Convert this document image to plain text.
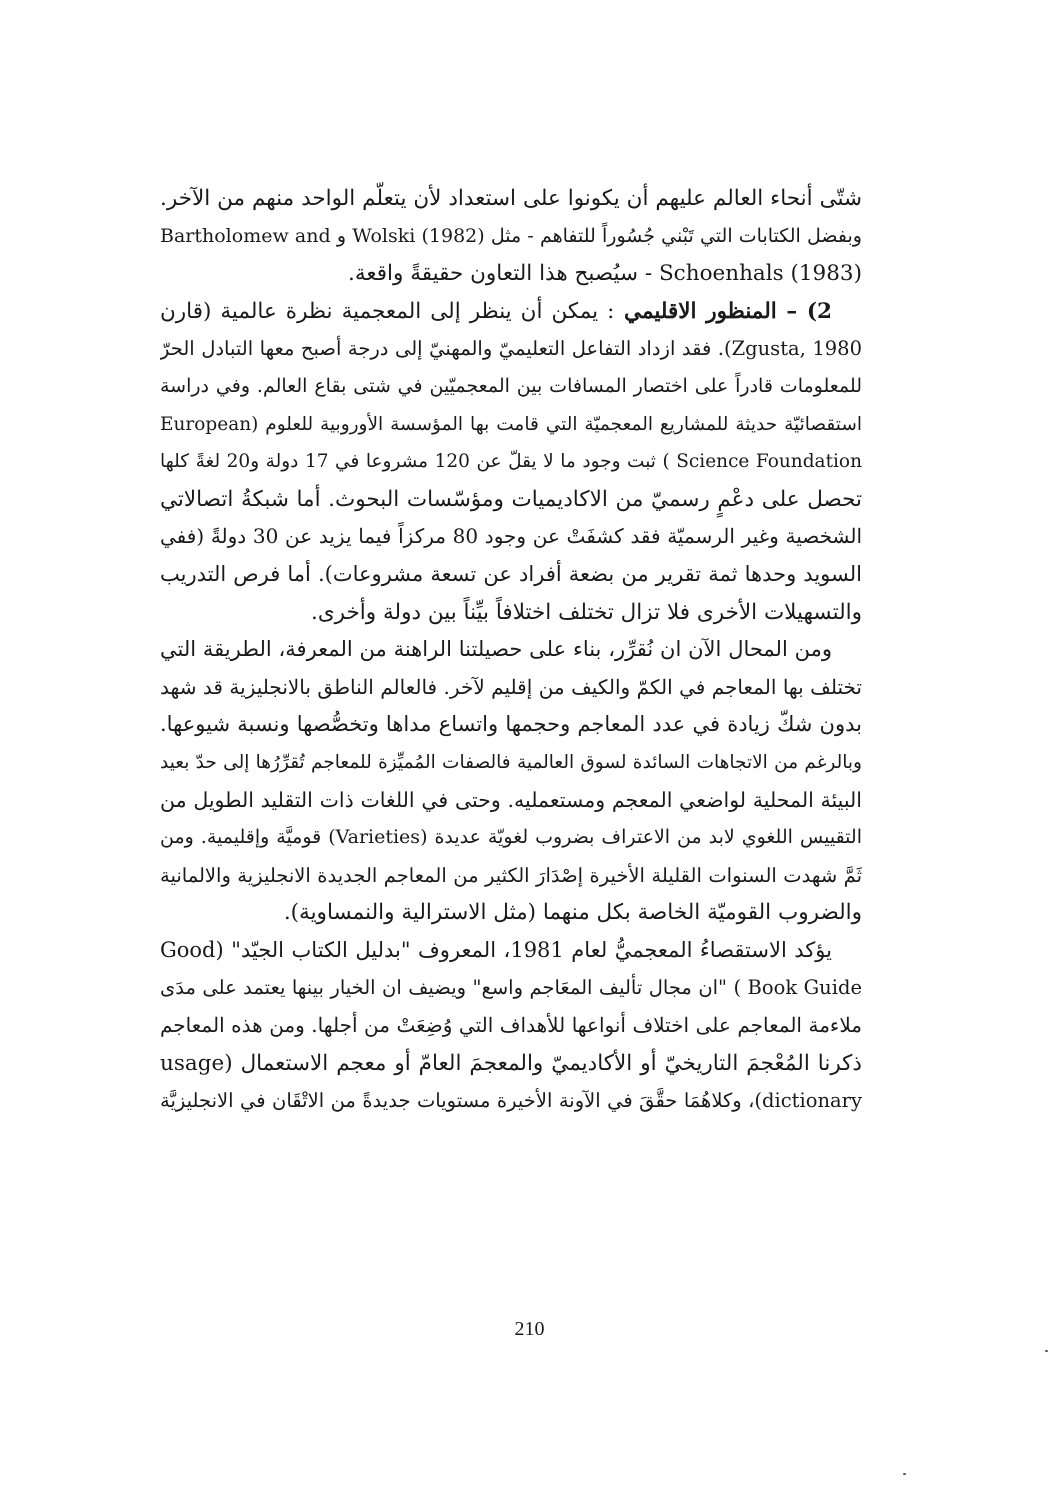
شتّى أنحاء العالم عليهم أن يكونوا على استعداد لأن يتعلّم الواحد منهم من الآخر.
وبفضل الكتابات التي تَبْني جُسُوراً للتفاهم - مثل Wolski (1982) و Bartholomew and
Schoenhals (1983) - سيُصبح هذا التعاون حقيقةً واقعة.
2) – المنظور الاقليمي : يمكن أن ينظر إلى المعجمية نظرة عالمية (قارن
Zgusta, 1980). فقد ازداد التفاعل التعليميّ والمهنيّ إلى درجة أصبح معها التبادل الحرّ
للمعلومات قادراً على اختصار المسافات بين المعجميّين في شتى بقاع العالم. وفي دراسة
استقصائيّة حديثة للمشاريع المعجميّة التي قامت بها المؤسسة الأوروبية للعلوم (European
Science Foundation ) ثبت وجود ما لا يقلّ عن 120 مشروعا في 17 دولة و20 لغةً كلها
تحصل على دعْمٍ رسميّ من الاكاديميات ومؤسّسات البحوث. أما شبكةُ اتصالاتي
الشخصية وغير الرسميّة فقد كشفَتْ عن وجود 80 مركزاً فيما يزيد عن 30 دولةً (ففي
السويد وحدها ثمة تقرير من بضعة أفراد عن تسعة مشروعات). أما فرص التدريب
والتسهيلات الأخرى فلا تزال تختلف اختلافاً بيِّناً بين دولة وأخرى.
ومن المحال الآن ان نُقرِّر، بناء على حصيلتنا الراهنة من المعرفة، الطريقة التي
تختلف بها المعاجم في الكمّ والكيف من إقليم لآخر. فالعالم الناطق بالانجليزية قد شهد
بدون شكّ زيادة في عدد المعاجم وحجمها واتساع مداها وتخصُّصها ونسبة شيوعها.
وبالرغم من الاتجاهات السائدة لسوق العالمية فالصفات المُميِّزة للمعاجم تُقرِّرُها إلى حدّ بعيد
البيئة المحلية لواضعي المعجم ومستعمليه. وحتى في اللغات ذات التقليد الطويل من
التقييس اللغوي لابد من الاعتراف بضروب لغويّة عديدة (Varieties) قوميَّة وإقليمية. ومن
ثَمَّ شهدت السنوات القليلة الأخيرة إصْدَارَ الكثير من المعاجم الجديدة الانجليزية والالمانية
والضروب القوميّة الخاصة بكل منهما (مثل الاسترالية والنمساوية).
يؤكد الاستقصاءُ المعجميُّ لعام 1981، المعروف "بدليل الكتاب الجيّد" (Good
Book Guide ) "ان مجال تأليف المعَاجم واسع" ويضيف ان الخيار بينها يعتمد على مدَى
ملاءمة المعاجم على اختلاف أنواعها للأهداف التي وُضِعَتْ من أجلها. ومن هذه المعاجم
ذكرنا المُعْجمَ التاريخيّ أو الأكاديميّ والمعجمَ العامّ أو معجم الاستعمال (usage
dictionary)، وكلاهُمَا حقَّقَ في الآونة الأخيرة مستويات جديدةً من الاتْقَان في الانجليزيَّة
210
